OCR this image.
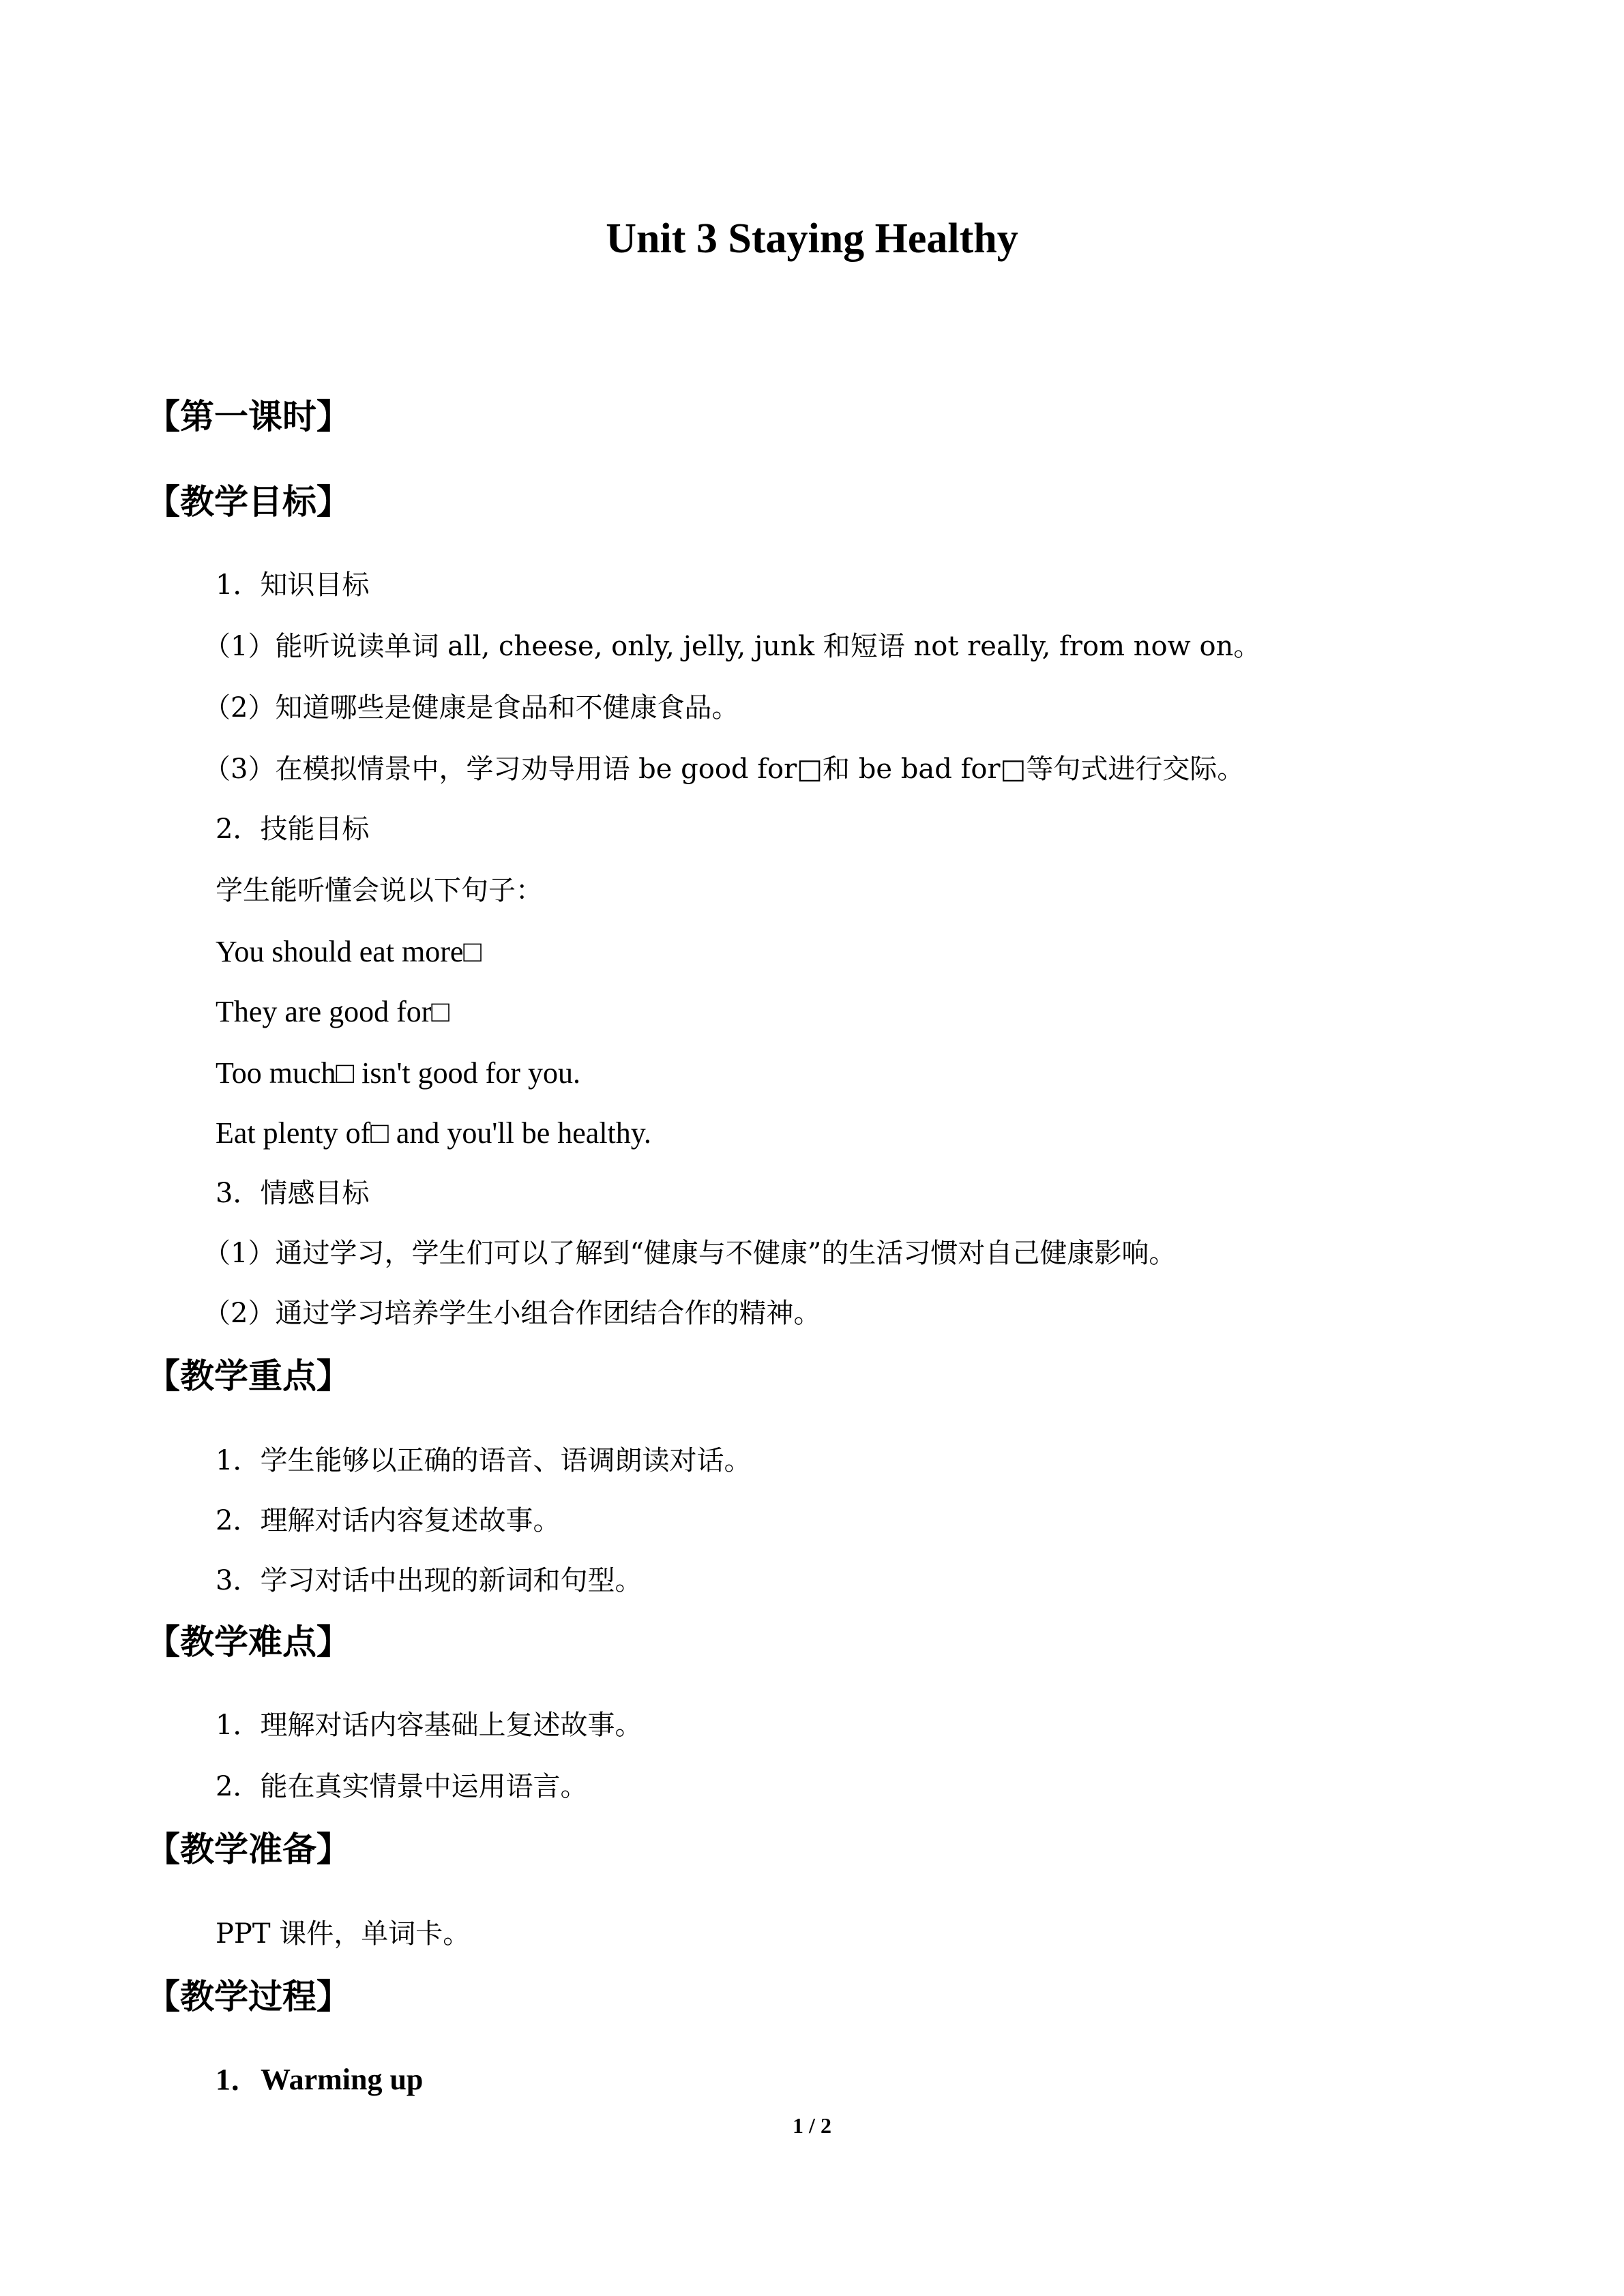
Unit 3 Staying Healthy
【第一课时】
【教学目标】
1．知识目标
（1）能听说读单词 all, cheese, only, jelly, junk 和短语 not really, from now on。
（2）知道哪些是健康是食品和不健康食品。
（3）在模拟情景中，学习劝导用语 be good for□和 be bad for□等句式进行交际。
2．技能目标
学生能听懂会说以下句子：
You should eat more□
They are good for□
Too much□ isn't good for you.
Eat plenty of□ and you'll be healthy.
3．情感目标
（1）通过学习，学生们可以了解到“健康与不健康”的生活习惯对自己健康影响。
（2）通过学习培养学生小组合作团结合作的精神。
【教学重点】
1．学生能够以正确的语音、语调朗读对话。
2．理解对话内容复述故事。
3．学习对话中出现的新词和句型。
【教学难点】
1．理解对话内容基础上复述故事。
2．能在真实情景中运用语言。
【教学准备】
PPT 课件，单词卡。
【教学过程】
1．Warming up
1 / 2
